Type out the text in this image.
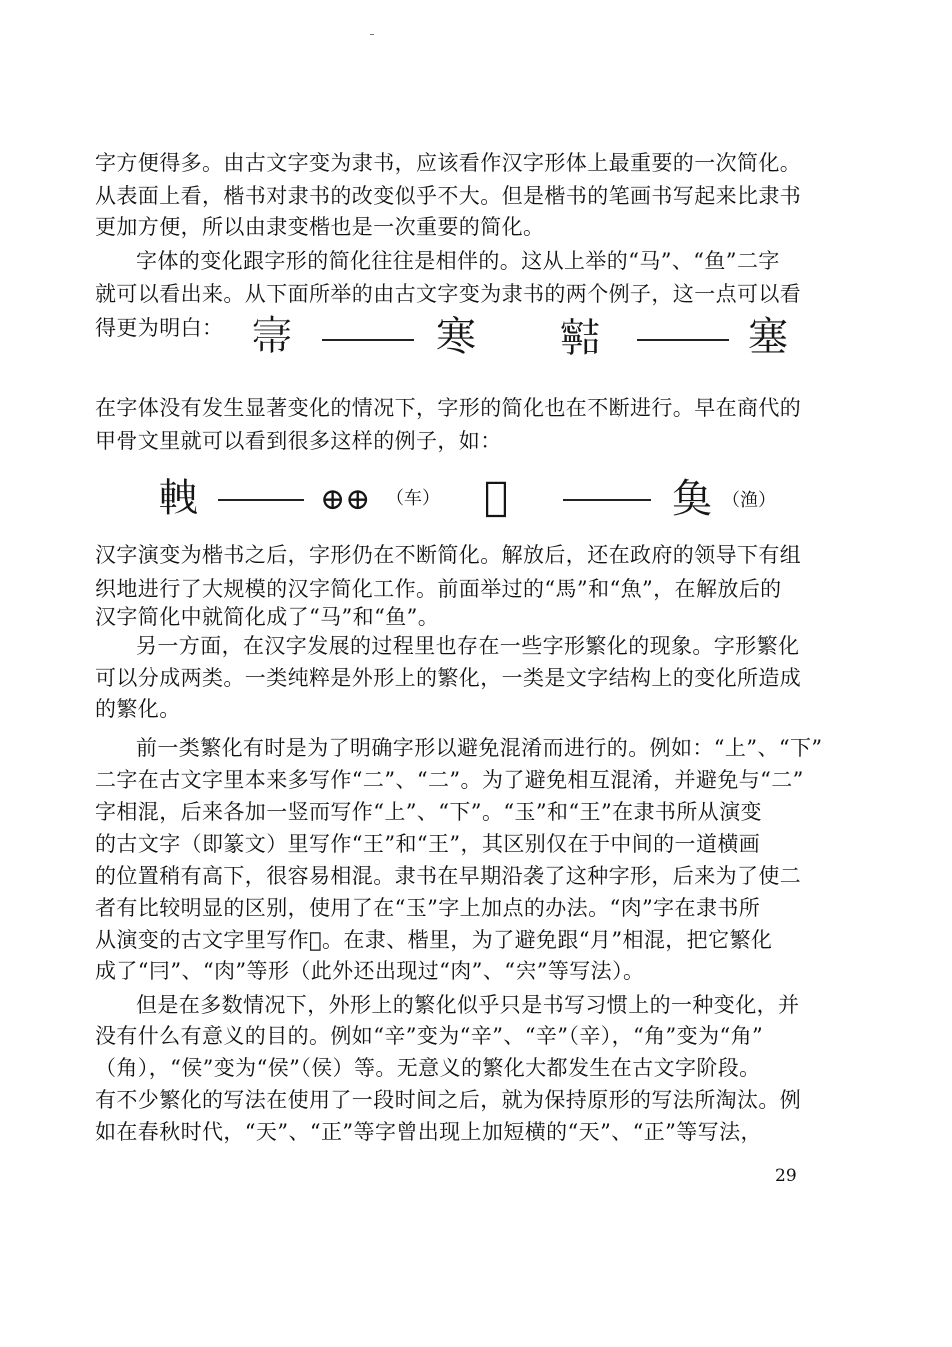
字方便得多。由古文字变为隶书，应该看作汉字形体上最重要的一次简化。
从表面上看，楷书对隶书的改变似乎不大。但是楷书的笔画书写起来比隶书
更加方便，所以由隶变楷也是一次重要的简化。
字体的变化跟字形的简化往往是相伴的。这从上举的“马”、“鱼”二字
就可以看出来。从下面所举的由古文字变为隶书的两个例子，这一点可以看
得更为明白： 𡨦	寒 𡫸	塞
在字体没有发生显著变化的情况下，字形的简化也在不断进行。早在商代的
甲骨文里就可以看到很多这样的例子，如：
𨋯	⊕⊕ （车） 𤄩	𩵋 （渔）
汉字演变为楷书之后，字形仍在不断简化。解放后，还在政府的领导下有组
织地进行了大规模的汉字简化工作。前面举过的“馬”和“魚”，在解放后的
汉字简化中就简化成了“马”和“鱼”。
另一方面，在汉字发展的过程里也存在一些字形繁化的现象。字形繁化
可以分成两类。一类纯粹是外形上的繁化，一类是文字结构上的变化所造成
的繁化。
前一类繁化有时是为了明确字形以避免混淆而进行的。例如：“上”、“下”
二字在古文字里本来多写作“二”、“二”。为了避免相互混淆，并避免与“二”
字相混，后来各加一竖而写作“上”、“下”。“玉”和“王”在隶书所从演变
的古文字（即篆文）里写作“王”和“王”，其区别仅在于中间的一道横画
的位置稍有高下，很容易相混。隶书在早期沿袭了这种字形，后来为了使二
者有比较明显的区别，使用了在“玉”字上加点的办法。“肉”字在隶书所
从演变的古文字里写作𠕎。在隶、楷里，为了避免跟“月”相混，把它繁化
成了“冃”、“肉”等形（此外还出现过“肉”、“宍”等写法）。
但是在多数情况下，外形上的繁化似乎只是书写习惯上的一种变化，并
没有什么有意义的目的。例如“辛”变为“辛”、“辛”（辛），“角”变为“角”
（角），“侯”变为“侯”（侯）等。无意义的繁化大都发生在古文字阶段。
有不少繁化的写法在使用了一段时间之后，就为保持原形的写法所淘汰。例
如在春秋时代，“天”、“正”等字曾出现上加短横的“天”、“正”等写法，
29
